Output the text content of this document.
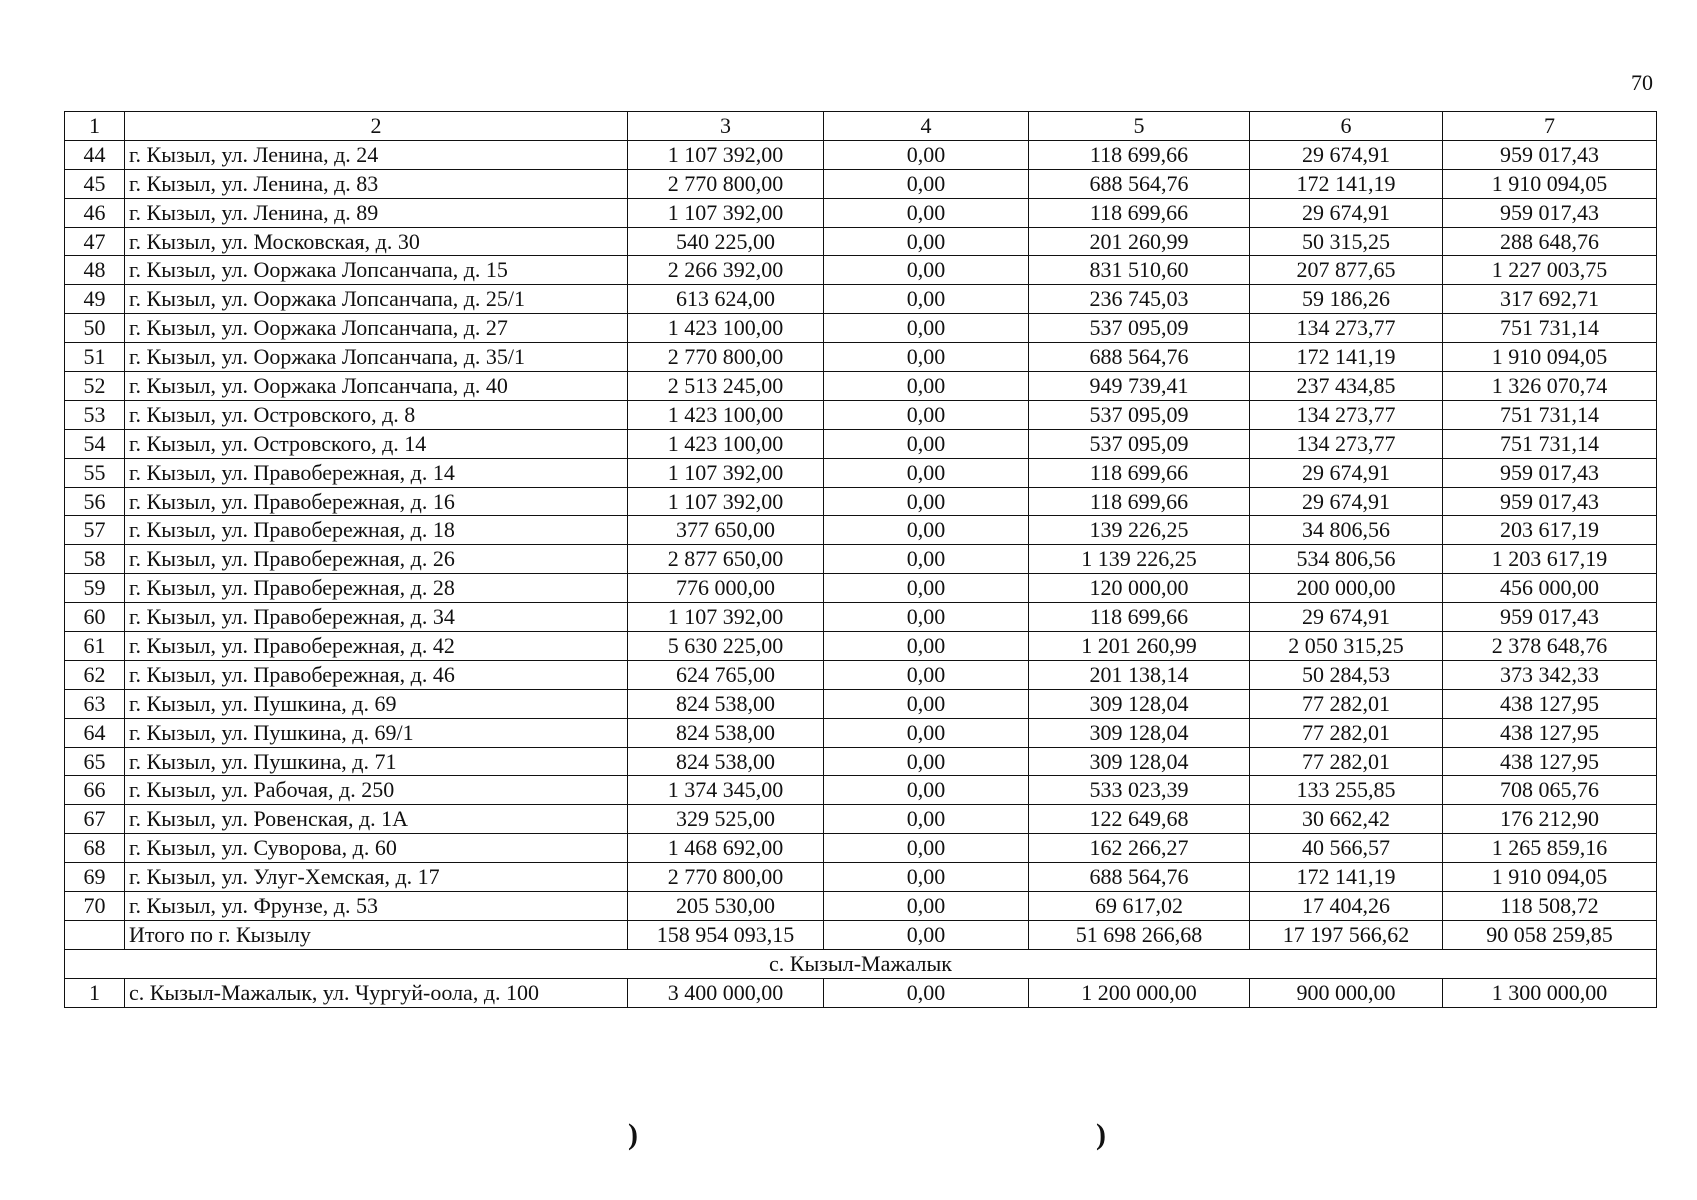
70
1	2	3	4	5	6	7
44	г. Кызыл, ул. Ленина, д. 24	1 107 392,00	0,00	118 699,66	29 674,91	959 017,43
45	г. Кызыл, ул. Ленина, д. 83	2 770 800,00	0,00	688 564,76	172 141,19	1 910 094,05
46	г. Кызыл, ул. Ленина, д. 89	1 107 392,00	0,00	118 699,66	29 674,91	959 017,43
47	г. Кызыл, ул. Московская, д. 30	540 225,00	0,00	201 260,99	50 315,25	288 648,76
48	г. Кызыл, ул. Ооржака Лопсанчапа, д. 15	2 266 392,00	0,00	831 510,60	207 877,65	1 227 003,75
49	г. Кызыл, ул. Ооржака Лопсанчапа, д. 25/1	613 624,00	0,00	236 745,03	59 186,26	317 692,71
50	г. Кызыл, ул. Ооржака Лопсанчапа, д. 27	1 423 100,00	0,00	537 095,09	134 273,77	751 731,14
51	г. Кызыл, ул. Ооржака Лопсанчапа, д. 35/1	2 770 800,00	0,00	688 564,76	172 141,19	1 910 094,05
52	г. Кызыл, ул. Ооржака Лопсанчапа, д. 40	2 513 245,00	0,00	949 739,41	237 434,85	1 326 070,74
53	г. Кызыл, ул. Островского, д. 8	1 423 100,00	0,00	537 095,09	134 273,77	751 731,14
54	г. Кызыл, ул. Островского, д. 14	1 423 100,00	0,00	537 095,09	134 273,77	751 731,14
55	г. Кызыл, ул. Правобережная, д. 14	1 107 392,00	0,00	118 699,66	29 674,91	959 017,43
56	г. Кызыл, ул. Правобережная, д. 16	1 107 392,00	0,00	118 699,66	29 674,91	959 017,43
57	г. Кызыл, ул. Правобережная, д. 18	377 650,00	0,00	139 226,25	34 806,56	203 617,19
58	г. Кызыл, ул. Правобережная, д. 26	2 877 650,00	0,00	1 139 226,25	534 806,56	1 203 617,19
59	г. Кызыл, ул. Правобережная, д. 28	776 000,00	0,00	120 000,00	200 000,00	456 000,00
60	г. Кызыл, ул. Правобережная, д. 34	1 107 392,00	0,00	118 699,66	29 674,91	959 017,43
61	г. Кызыл, ул. Правобережная, д. 42	5 630 225,00	0,00	1 201 260,99	2 050 315,25	2 378 648,76
62	г. Кызыл, ул. Правобережная, д. 46	624 765,00	0,00	201 138,14	50 284,53	373 342,33
63	г. Кызыл, ул. Пушкина, д. 69	824 538,00	0,00	309 128,04	77 282,01	438 127,95
64	г. Кызыл, ул. Пушкина, д. 69/1	824 538,00	0,00	309 128,04	77 282,01	438 127,95
65	г. Кызыл, ул. Пушкина, д. 71	824 538,00	0,00	309 128,04	77 282,01	438 127,95
66	г. Кызыл, ул. Рабочая, д. 250	1 374 345,00	0,00	533 023,39	133 255,85	708 065,76
67	г. Кызыл, ул. Ровенская, д. 1А	329 525,00	0,00	122 649,68	30 662,42	176 212,90
68	г. Кызыл, ул. Суворова, д. 60	1 468 692,00	0,00	162 266,27	40 566,57	1 265 859,16
69	г. Кызыл, ул. Улуг-Хемская, д. 17	2 770 800,00	0,00	688 564,76	172 141,19	1 910 094,05
70	г. Кызыл, ул. Фрунзе, д. 53	205 530,00	0,00	69 617,02	17 404,26	118 508,72
	Итого по г. Кызылу	158 954 093,15	0,00	51 698 266,68	17 197 566,62	90 058 259,85
с. Кызыл-Мажалык						
1	с. Кызыл-Мажалык, ул. Чургуй-оола, д. 100	3 400 000,00	0,00	1 200 000,00	900 000,00	1 300 000,00
)	)
